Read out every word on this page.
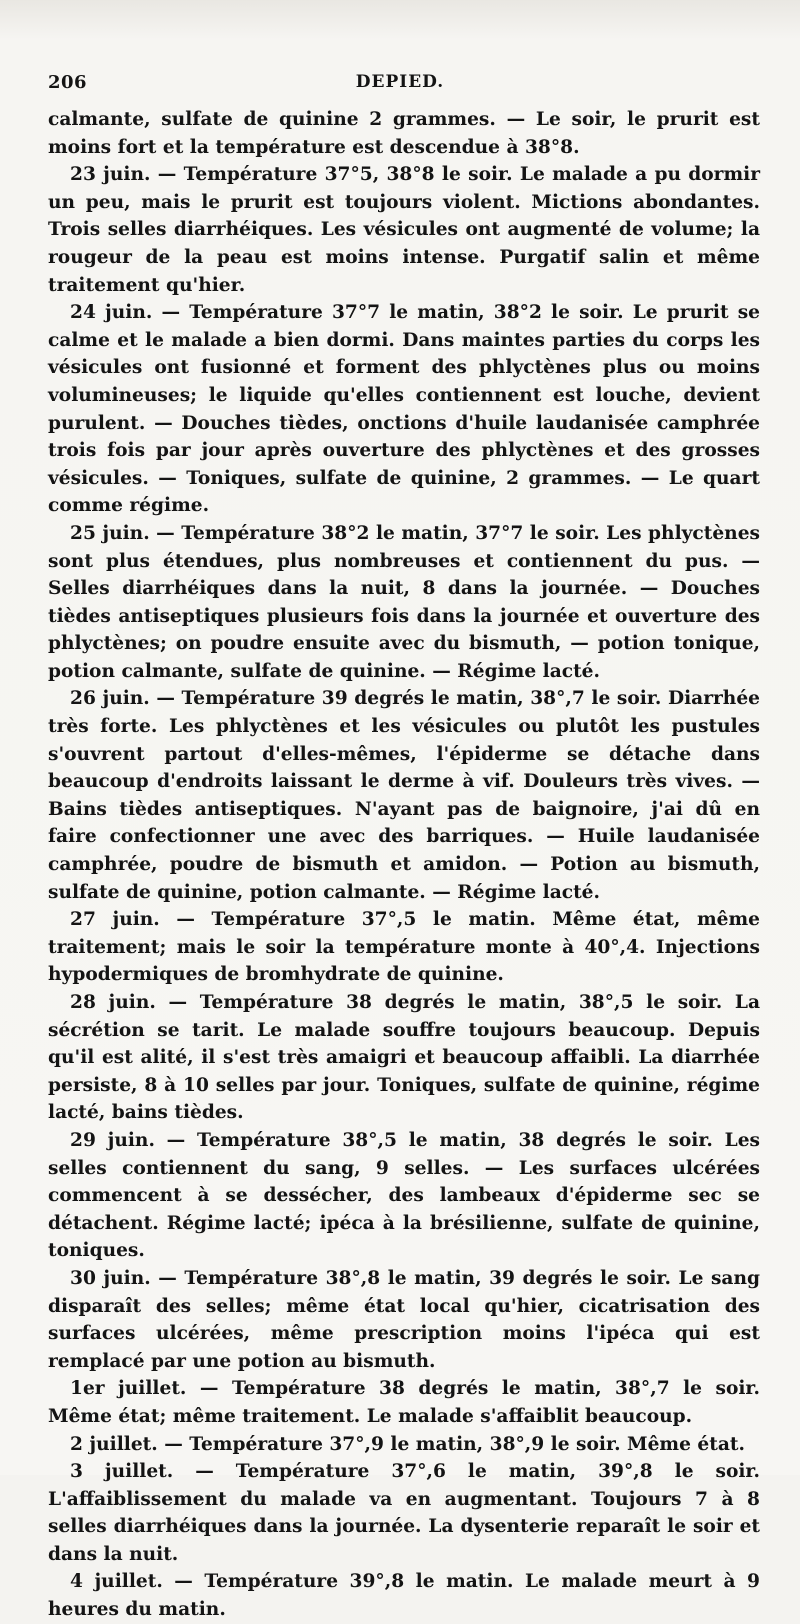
206	DEPIED.

calmante, sulfate de quinine 2 grammes. — Le soir, le prurit est moins fort et la température est descendue à 38°8.

23 juin. — Température 37°5, 38°8 le soir. Le malade a pu dormir un peu, mais le prurit est toujours violent. Mictions abondantes. Trois selles diarrhéiques. Les vésicules ont augmenté de volume; la rougeur de la peau est moins intense. Purgatif salin et même traitement qu'hier.

24 juin. — Température 37°7 le matin, 38°2 le soir. Le prurit se calme et le malade a bien dormi. Dans maintes parties du corps les vésicules ont fusionné et forment des phlyctènes plus ou moins volumineuses; le liquide qu'elles contiennent est louche, devient purulent. — Douches tièdes, onctions d'huile laudanisée camphrée trois fois par jour après ouverture des phlyctènes et des grosses vésicules. — Toniques, sulfate de quinine, 2 grammes. — Le quart comme régime.

25 juin. — Température 38°2 le matin, 37°7 le soir. Les phlyctènes sont plus étendues, plus nombreuses et contiennent du pus. — Selles diarrhéiques dans la nuit, 8 dans la journée. — Douches tièdes antiseptiques plusieurs fois dans la journée et ouverture des phlyctènes; on poudre ensuite avec du bismuth, — potion tonique, potion calmante, sulfate de quinine. — Régime lacté.

26 juin. — Température 39 degrés le matin, 38°,7 le soir. Diarrhée très forte. Les phlyctènes et les vésicules ou plutôt les pustules s'ouvrent partout d'elles-mêmes, l'épiderme se détache dans beaucoup d'endroits laissant le derme à vif. Douleurs très vives. — Bains tièdes antiseptiques. N'ayant pas de baignoire, j'ai dû en faire confectionner une avec des barriques. — Huile laudanisée camphrée, poudre de bismuth et amidon. — Potion au bismuth, sulfate de quinine, potion calmante. — Régime lacté.

27 juin. — Température 37°,5 le matin. Même état, même traitement; mais le soir la température monte à 40°,4. Injections hypodermiques de bromhydrate de quinine.

28 juin. — Température 38 degrés le matin, 38°,5 le soir. La sécrétion se tarit. Le malade souffre toujours beaucoup. Depuis qu'il est alité, il s'est très amaigri et beaucoup affaibli. La diarrhée persiste, 8 à 10 selles par jour. Toniques, sulfate de quinine, régime lacté, bains tièdes.

29 juin. — Température 38°,5 le matin, 38 degrés le soir. Les selles contiennent du sang, 9 selles. — Les surfaces ulcérées commencent à se dessécher, des lambeaux d'épiderme sec se détachent. Régime lacté; ipéca à la brésilienne, sulfate de quinine, toniques.

30 juin. — Température 38°,8 le matin, 39 degrés le soir. Le sang disparaît des selles; même état local qu'hier, cicatrisation des surfaces ulcérées, même prescription moins l'ipéca qui est remplacé par une potion au bismuth.

1er juillet. — Température 38 degrés le matin, 38°,7 le soir. Même état; même traitement. Le malade s'affaiblit beaucoup.

2 juillet. — Température 37°,9 le matin, 38°,9 le soir. Même état.

3 juillet. — Température 37°,6 le matin, 39°,8 le soir. L'affaiblissement du malade va en augmentant. Toujours 7 à 8 selles diarrhéiques dans la journée. La dysenterie reparaît le soir et dans la nuit.

4 juillet. — Température 39°,8 le matin. Le malade meurt à 9 heures du matin.
